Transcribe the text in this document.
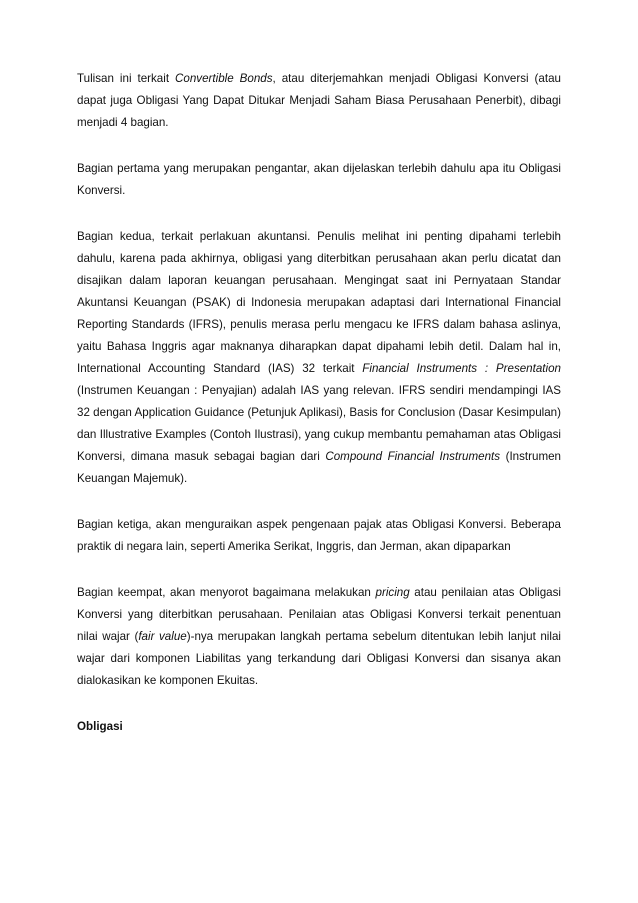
Tulisan ini terkait Convertible Bonds, atau diterjemahkan menjadi Obligasi Konversi (atau dapat juga Obligasi Yang Dapat Ditukar Menjadi Saham Biasa Perusahaan Penerbit), dibagi menjadi 4 bagian.

Bagian pertama yang merupakan pengantar, akan dijelaskan terlebih dahulu apa itu Obligasi Konversi.

Bagian kedua, terkait perlakuan akuntansi. Penulis melihat ini penting dipahami terlebih dahulu, karena pada akhirnya, obligasi yang diterbitkan perusahaan akan perlu dicatat dan disajikan dalam laporan keuangan perusahaan. Mengingat saat ini Pernyataan Standar Akuntansi Keuangan (PSAK) di Indonesia merupakan adaptasi dari International Financial Reporting Standards (IFRS), penulis merasa perlu mengacu ke IFRS dalam bahasa aslinya, yaitu Bahasa Inggris agar maknanya diharapkan dapat dipahami lebih detil. Dalam hal in, International Accounting Standard (IAS) 32 terkait Financial Instruments : Presentation (Instrumen Keuangan : Penyajian) adalah IAS yang relevan. IFRS sendiri mendampingi IAS 32 dengan Application Guidance (Petunjuk Aplikasi), Basis for Conclusion (Dasar Kesimpulan) dan Illustrative Examples (Contoh Ilustrasi), yang cukup membantu pemahaman atas Obligasi Konversi, dimana masuk sebagai bagian dari Compound Financial Instruments (Instrumen Keuangan Majemuk).

Bagian ketiga, akan menguraikan aspek pengenaan pajak atas Obligasi Konversi. Beberapa praktik di negara lain, seperti Amerika Serikat, Inggris, dan Jerman, akan dipaparkan

Bagian keempat, akan menyorot bagaimana melakukan pricing atau penilaian atas Obligasi Konversi yang diterbitkan perusahaan. Penilaian atas Obligasi Konversi terkait penentuan nilai wajar (fair value)-nya merupakan langkah pertama sebelum ditentukan lebih lanjut nilai wajar dari komponen Liabilitas yang terkandung dari Obligasi Konversi dan sisanya akan dialokasikan ke komponen Ekuitas.

Obligasi
